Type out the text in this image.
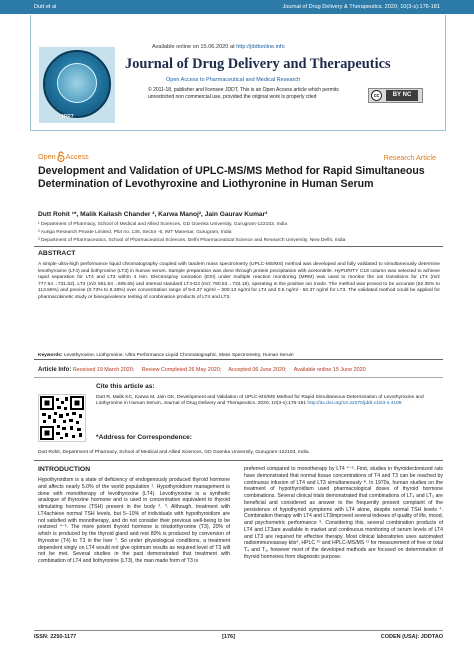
Dutt et al	Journal of Drug Delivery & Therapeutics. 2020; 10(3-s):176-181
Available online on 15.06.2020 at http://jddtonline.info
JDDT
Journal of Drug Delivery and Therapeutics
Open Access to Pharmaceutical and Medical Research
© 2011-18, publisher and licensee JDDT, This is an Open Access article which permits unrestricted non commercial use, provided the original work is properly cited	cc	BY NC
Open Access	Research Article
Development and Validation of UPLC-MS/MS Method for Rapid Simultaneous Determination of Levothyroxine and Liothyronine in Human Serum
Dutt Rohit ¹*, Malik Kailash Chander ², Karwa Manoj², Jain Gaurav Kumar³
¹ Department of Pharmacy, School of Medical and Allied Sciences, GD Goenka University, Gurugram-122103, India
² Auriga Research Private Limited, Plot no. 136, Sector -5, IMT Manesar, Gurugram, India
³ Department of Pharmaceutics, School of Pharmaceutical Sciences, Delhi Pharmaceutical Science and Research University, New Delhi, India
ABSTRACT
A simple ultra-high performance liquid chromatography coupled with tandem mass spectrometry (UPLC-MS/MS) method was developed and fully validated to simultaneously determine levothyroxine (LT4) and liothyronine (LT3) in human serum. Sample preparation was done through protein precipitation with acetonitrile. HyPURITY C18 column was selected to achieve rapid separation for LT4 and LT3 within 4 min. Electrospray ionization (ESI) under multiple reaction monitoring (MRM) was used to monitor the ion transitions for LT4 (m/z 777.54→731.52), LT3 (m/z 651.64→605.65) and internal standard LT4-D3 (m/z 780.53→734.19), operating in the positive ion mode. The method was proved to be accurate (82.35% to 113.56%) and precise (0.73% to 8.28%) over concentration range of 5-0.37 ng/ml – 300.13 ng/ml for LT4 and 0.5 ng/ml - 50.37 ng/ml for LT3. The validated method could be applied for pharmacokinetic study or bioequivalence testing of combination products of LT4 and LT3.
Keywords: Levothyroxine, Liothyronine, Ultra Performance Liquid Chromatographic, Mass Spectrometry, Human Serum
Article Info: Received 19 March 2020; Review Completed 26 May 2020; Accepted 06 June 2020; Available online 15 June 2020
Cite this article as:
Dutt R, Malik KC, Karwa M, Jain GK, Development and Validation of UPLC-MS/MS Method for Rapid Simultaneous Determination of Levothyroxine and Liothyronine in Human Serum, Journal of Drug Delivery and Therapeutics. 2020; 10(3-s):176-181 http://dx.doi.org/10.22270/jddt.v10i3-s.4109
*Address for Correspondence:
Dutt Rohit, Department of Pharmacy, School of Medical and Allied Sciences, GD Goenka University, Gurugram-122103, India
INTRODUCTION
Hypothyroidism is a state of deficiency of endogenously produced thyroid hormone and affects nearly 5.0% of the world population ¹. Hypothyroidism management is done with monotherapy of levothyroxine (LT4). Levothyroxine is a synthetic analogue of thyroxine hormone and is used in concentration equivalent to thyroid stimulating hormone (TSH) present in the body ². ³. Although, treatment with LT4achieve normal TSH levels, but 5–10% of individuals with hypothyroidism are not satisfied with monotherapy, and do not consider their previous well-being to be restored ⁴⁻⁶. The more potent thyroid hormone is triiodothyronine (T3), 20% of which is produced by the thyroid gland and rest 80% is produced by conversion of thyroxine (T4) to T3 in the liver ⁷. So under physiological conditions, a treatment dependent singly on LT4 would not give optimum results as required level of T3 will not be met. Several studies in the past demonstrated that treatment with combination of LT4 and liothyronine (LT3), the man made form of T3 is
preferred compared to monotherapy by LT4 ⁴⁻⁶. First, studies in thyroidectomized rats have demonstrated that normal tissue concentrations of T4 and T3 can be reached by continuous infusion of LT4 and LT3 simultaneously ⁸. In 1970s, human studies on the treatment of hypothyroidism used pharmacological doses of thyroid hormone combinations. Several clinical trials demonstrated that combinations of LT₄ and LT₃ are beneficial and considered as answer to the frequently present complaint of the persistence of hypothyroid symptoms with LT4 alone, despite normal TSH levels ⁴. Combination therapy with LT4 and LT3improved several indexes of quality of life, mood, and psychometric performance ⁹. Considering this, several combination products of LT4 and LT3are available in market and continuous monitoring of serum levels of LT4 and LT3 are required for effective therapy. Most clinical laboratories uses automated radioimmunoassay kits⁶, HPLC ¹⁰ and HPLC-MS/MS ¹¹ for measurement of free or total T₄ and T₃, however most of the developed methods are focused on determination of thyroid hormones from diagnostic purpose.
ISSN: 2250-1177	[176]	CODEN (USA): JDDTAO
